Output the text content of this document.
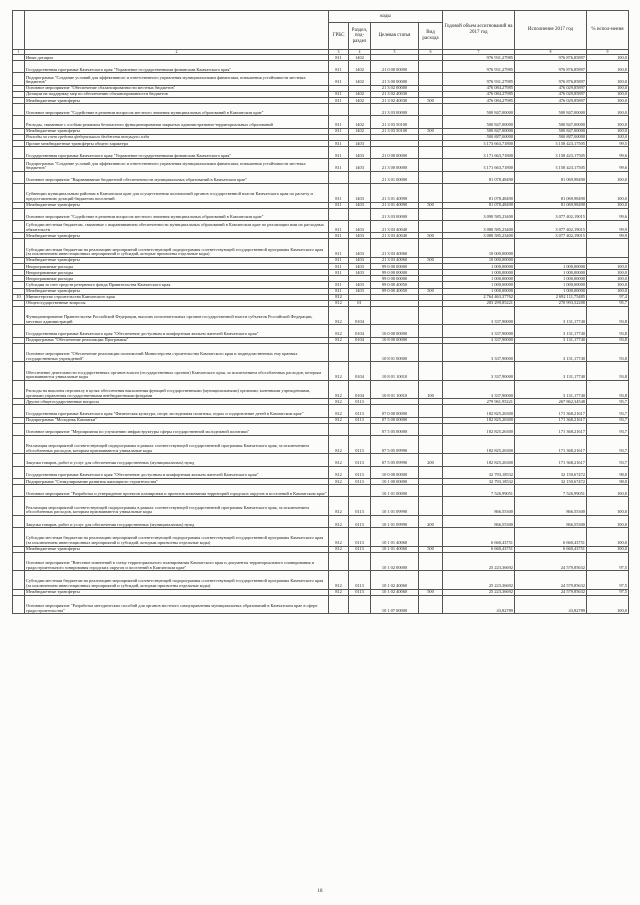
		коды				Годовой объем ассигнований на 2017 год	Исполнение 2017 год	% испол-нения
		ГРБС	Раздел, под-раздел	Целевая статья	Вид расхода			
1	2	3	4	5	6	7	8	9
	Иные дотации	811	1402			976 931,27985	976 876,85897	100,0
	Государственная программа Камчатского края "Управление государственными финансами Камчатского края"	811	1402	21 0 00 00000		976 931,27985	976 876,85897	100,0
	Подпрограмма "Создание условий для эффективного и ответственного управления муниципальными финансами, повышения устойчивости местных бюджетов"	811	1402	21 3 00 00000		976 931,27985	976 876,85897	100,0
	Основное мероприятие "Обеспечение сбалансированности местных бюджетов"			21 3 02 00000		476 084,27985	476 029,85897	100,0
	Дотации на поддержку мер по обеспечению сбалансированности бюджетов	811	1402	21 3 02 40030		476 084,27985	476 029,85897	100,0
	Межбюджетные трансферты	811	1402	21 3 02 40030	500	476 084,27985	476 029,85897	100,0
	Основное мероприятие "Содействие в решении вопросов местного значения муниципальных образований в Камчатском крае"			21 3 03 00000		500 847,00000	500 847,00000	100,0
	Расходы, связанные с особым режимом безопасного функционирования закрытых административно-территориальных образований	811	1402	21 3 03 50100		500 847,00000	500 847,00000	100,0
	Межбюджетные трансферты	811	1402	21 3 03 50100	500	500 847,00000	500 847,00000	100,0
	Расходы за счет средств федерального бюджета текущего года					500 847,00000	500 847,00000	100,0
	Прочие межбюджетные трансферты общего характера	811	1403			3 173 663,71800	3 158 423,17505	99,5
	Государственная программа Камчатского края "Управление государственными финансами Камчатского края"	811	1403	21 0 00 00000		3 171 663,71800	3 158 423,17505	99,6
	Подпрограмма "Создание условий для эффективного и ответственного управления муниципальными финансами, повышения устойчивости местных бюджетов"	811	1403	21 3 00 00000		3 171 663,71800	3 158 423,17505	99,6
	Основное мероприятие "Выравнивание бюджетной обеспеченности муниципальных образований в Камчатском крае"			21 3 01 00000		81 078,48490	81 069,98490	100,0
	Субвенции муниципальным районам в Камчатском крае для осуществления полномочий органов государственной власти Камчатского края по расчету и предоставлению дотаций бюджетам поселений	811	1403	21 3 01 40090		81 078,48490	81 069,98490	100,0
	Межбюджетные трансферты	811	1403	21 3 01 40090	500	81 078,48490	81 069,98490	100,0
	Основное мероприятие "Содействие в решении вопросов местного значения муниципальных образований в Камчатском крае"			21 3 03 00000		3 090 585,23400	3 077 402,19015	99,6
	Субсидии местным бюджетам, связанные с выравниванием обеспеченности муниципальных образований в Камчатском крае по реализации ими их расходных обязательств	811	1403	21 3 03 40040		3 080 585,23400	3 077 402,19015	99,9
	Межбюджетные трансферты	811	1403	21 3 03 40040	500	3 080 585,23400	3 077 402,19015	99,9
	Субсидии местным бюджетам на реализацию мероприятий соответствующей подпрограммы соответствующей государственной программы Камчатского края (за исключением инвестиционных мероприятий и субсидий, которые присвоены отдельные коды)	811	1403	21 3 03 40060		10 000,00000		
	Межбюджетные трансферты	811	1403	21 3 03 40060	500	10 000,00000		
	Непрограммные расходы	811	1403	99 0 00 00000		1 000,00000	1 000,00000	100,0
	Непрограммные расходы	811	1403	99 0 00 00000		1 000,00000	1 000,00000	100,0
	Непрограммные расходы			99 0 00 00000		1 000,00000	1 000,00000	100,0
	Субсидия за счет средств резервного фонда Правительства Камчатского края	811	1403	99 0 00 40050		1 000,00000	1 000,00000	100,0
	Межбюджетные трансферты	811	1403	99 0 00 40050	500	1 000,00000	1 000,00000	100,0
10	Министерство строительства Камчатского края	812				2 764 463,37762	2 692 111,75485	97,4
	Общегосударственные вопросы	812	01			283 299,85221	270 993,52288	95,7
	Функционирование Правительства Российской Федерации, высших исполнительных органов государственной власти субъектов Российской Федерации, местных администраций	812	0104			3 337,90000	3 131,17740	93,8
	Государственная программа Камчатского края "Обеспечение доступным и комфортным жильем жителей Камчатского края"	812	0104	10 0 00 00000		3 337,90000	3 131,17740	93,8
	Подпрограмма "Обеспечение реализации Программы"	812	0104	10 8 00 00000		3 337,90000	3 131,17740	93,8
	Основное мероприятие "Обеспечение реализации полномочий Министерства строительства Камчатского края и подведомственных ему краевых государственных учреждений"			10 8 01 00000		3 337,90000	3 131,17740	93,8
	Обеспечение деятельности государственных органов власти (государственных органов) Камчатского края, за исключением обособленных расходов, которым присваиваются уникальные коды	812	0104	10 8 01 10010		3 337,90000	3 131,17740	93,8
	Расходы на выплаты персоналу в целях обеспечения выполнения функций государственными (муниципальными) органами, казенными учреждениями, органами управления государственными внебюджетными фондами	812	0104	10 8 01 10010	100	3 337,90000	3 131,17740	93,8
	Другие общегосударственные вопросы	812	0113			279 961,95221	267 862,34548	95,7
	Государственная программа Камчатского края "Физическая культура, спорт, молодежная политика, отдых и оздоровление детей в Камчатском крае"	812	0113	07 0 00 00000		182 825,26300	171 368,21617	93,7
	Подпрограмма "Молодежь Камчатки"	812	0113	07 5 00 00000		182 825,26300	171 368,21617	93,7
	Основное мероприятие "Мероприятия по улучшению инфраструктуры сферы государственной молодежной политики"			07 5 05 00000		182 825,26300	171 368,21617	93,7
	Реализация мероприятий соответствующей подпрограммы в рамках соответствующей государственной программы Камчатского края, за исключением обособленных расходов, которым присваиваются уникальные коды	812	0113	07 5 05 09990		182 825,26300	171 368,21617	93,7
	Закупка товаров, работ и услуг для обеспечения государственных (муниципальных) нужд	812	0113	07 5 05 09990	200	182 825,26300	171 368,21617	93,7
	Государственная программа Камчатского края "Обеспечение доступным и комфортным жильем жителей Камчатского края"	812	0113	10 0 00 00000		32 793,18532	32 150,67472	98,0
	Подпрограмма "Стимулирование развития жилищного строительства"	812	0113	10 1 00 00000		32 793,18532	32 150,67472	98,0
	Основное мероприятие "Разработка и утверждение проектов планировки и проектов межевания территорий городских округов и поселений в Камчатском крае"			10 1 01 00000		7 526,99051	7 526,99051	100,0
	Реализация мероприятий соответствующей подпрограммы в рамках соответствующей государственной программы Камчатского края, за исключением обособленных расходов, которым присваиваются уникальные коды	812	0113	10 1 01 09990		866,55300	866,55300	100,0
	Закупка товаров, работ и услуг для обеспечения государственных (муниципальных) нужд	812	0113	10 1 01 09990	200	866,55300	866,55300	100,0
	Субсидии местным бюджетам на реализацию мероприятий соответствующей подпрограммы соответствующей государственной программы Камчатского края (за исключением инвестиционных мероприятий и субсидий, которым присвоены отдельные коды)	812	0113	10 1 01 40060		6 660,43751	6 660,43751	100,0
	Межбюджетные трансферты	812	0113	10 1 01 40060	500	6 660,43751	6 660,43751	100,0
	Основное мероприятие "Внесение изменений в схему территориального планирования Камчатского края и документы территориального планирования и градостроительного зонирования городских округов и поселений в Камчатском крае"			10 1 02 00000		25 223,36692	24 579,85632	97,5
	Субсидии местным бюджетам на реализацию мероприятий соответствующей подпрограммы соответствующей государственной программы Камчатского края (за исключением инвестиционных мероприятий и субсидий, которым присвоены отдельные коды)	812	0113	10 1 02 40060		25 223,36692	24 579,85632	97,5
	Межбюджетные трансферты	812	0113	10 1 02 40060	500	25 223,36692	24 579,85632	97,5
	Основное мероприятие "Разработка методических пособий для органов местного самоуправления муниципальных образований в Камчатском крае в сфере градостроительства"			10 1 07 00000		43,82789	43,82789	100,0
18
